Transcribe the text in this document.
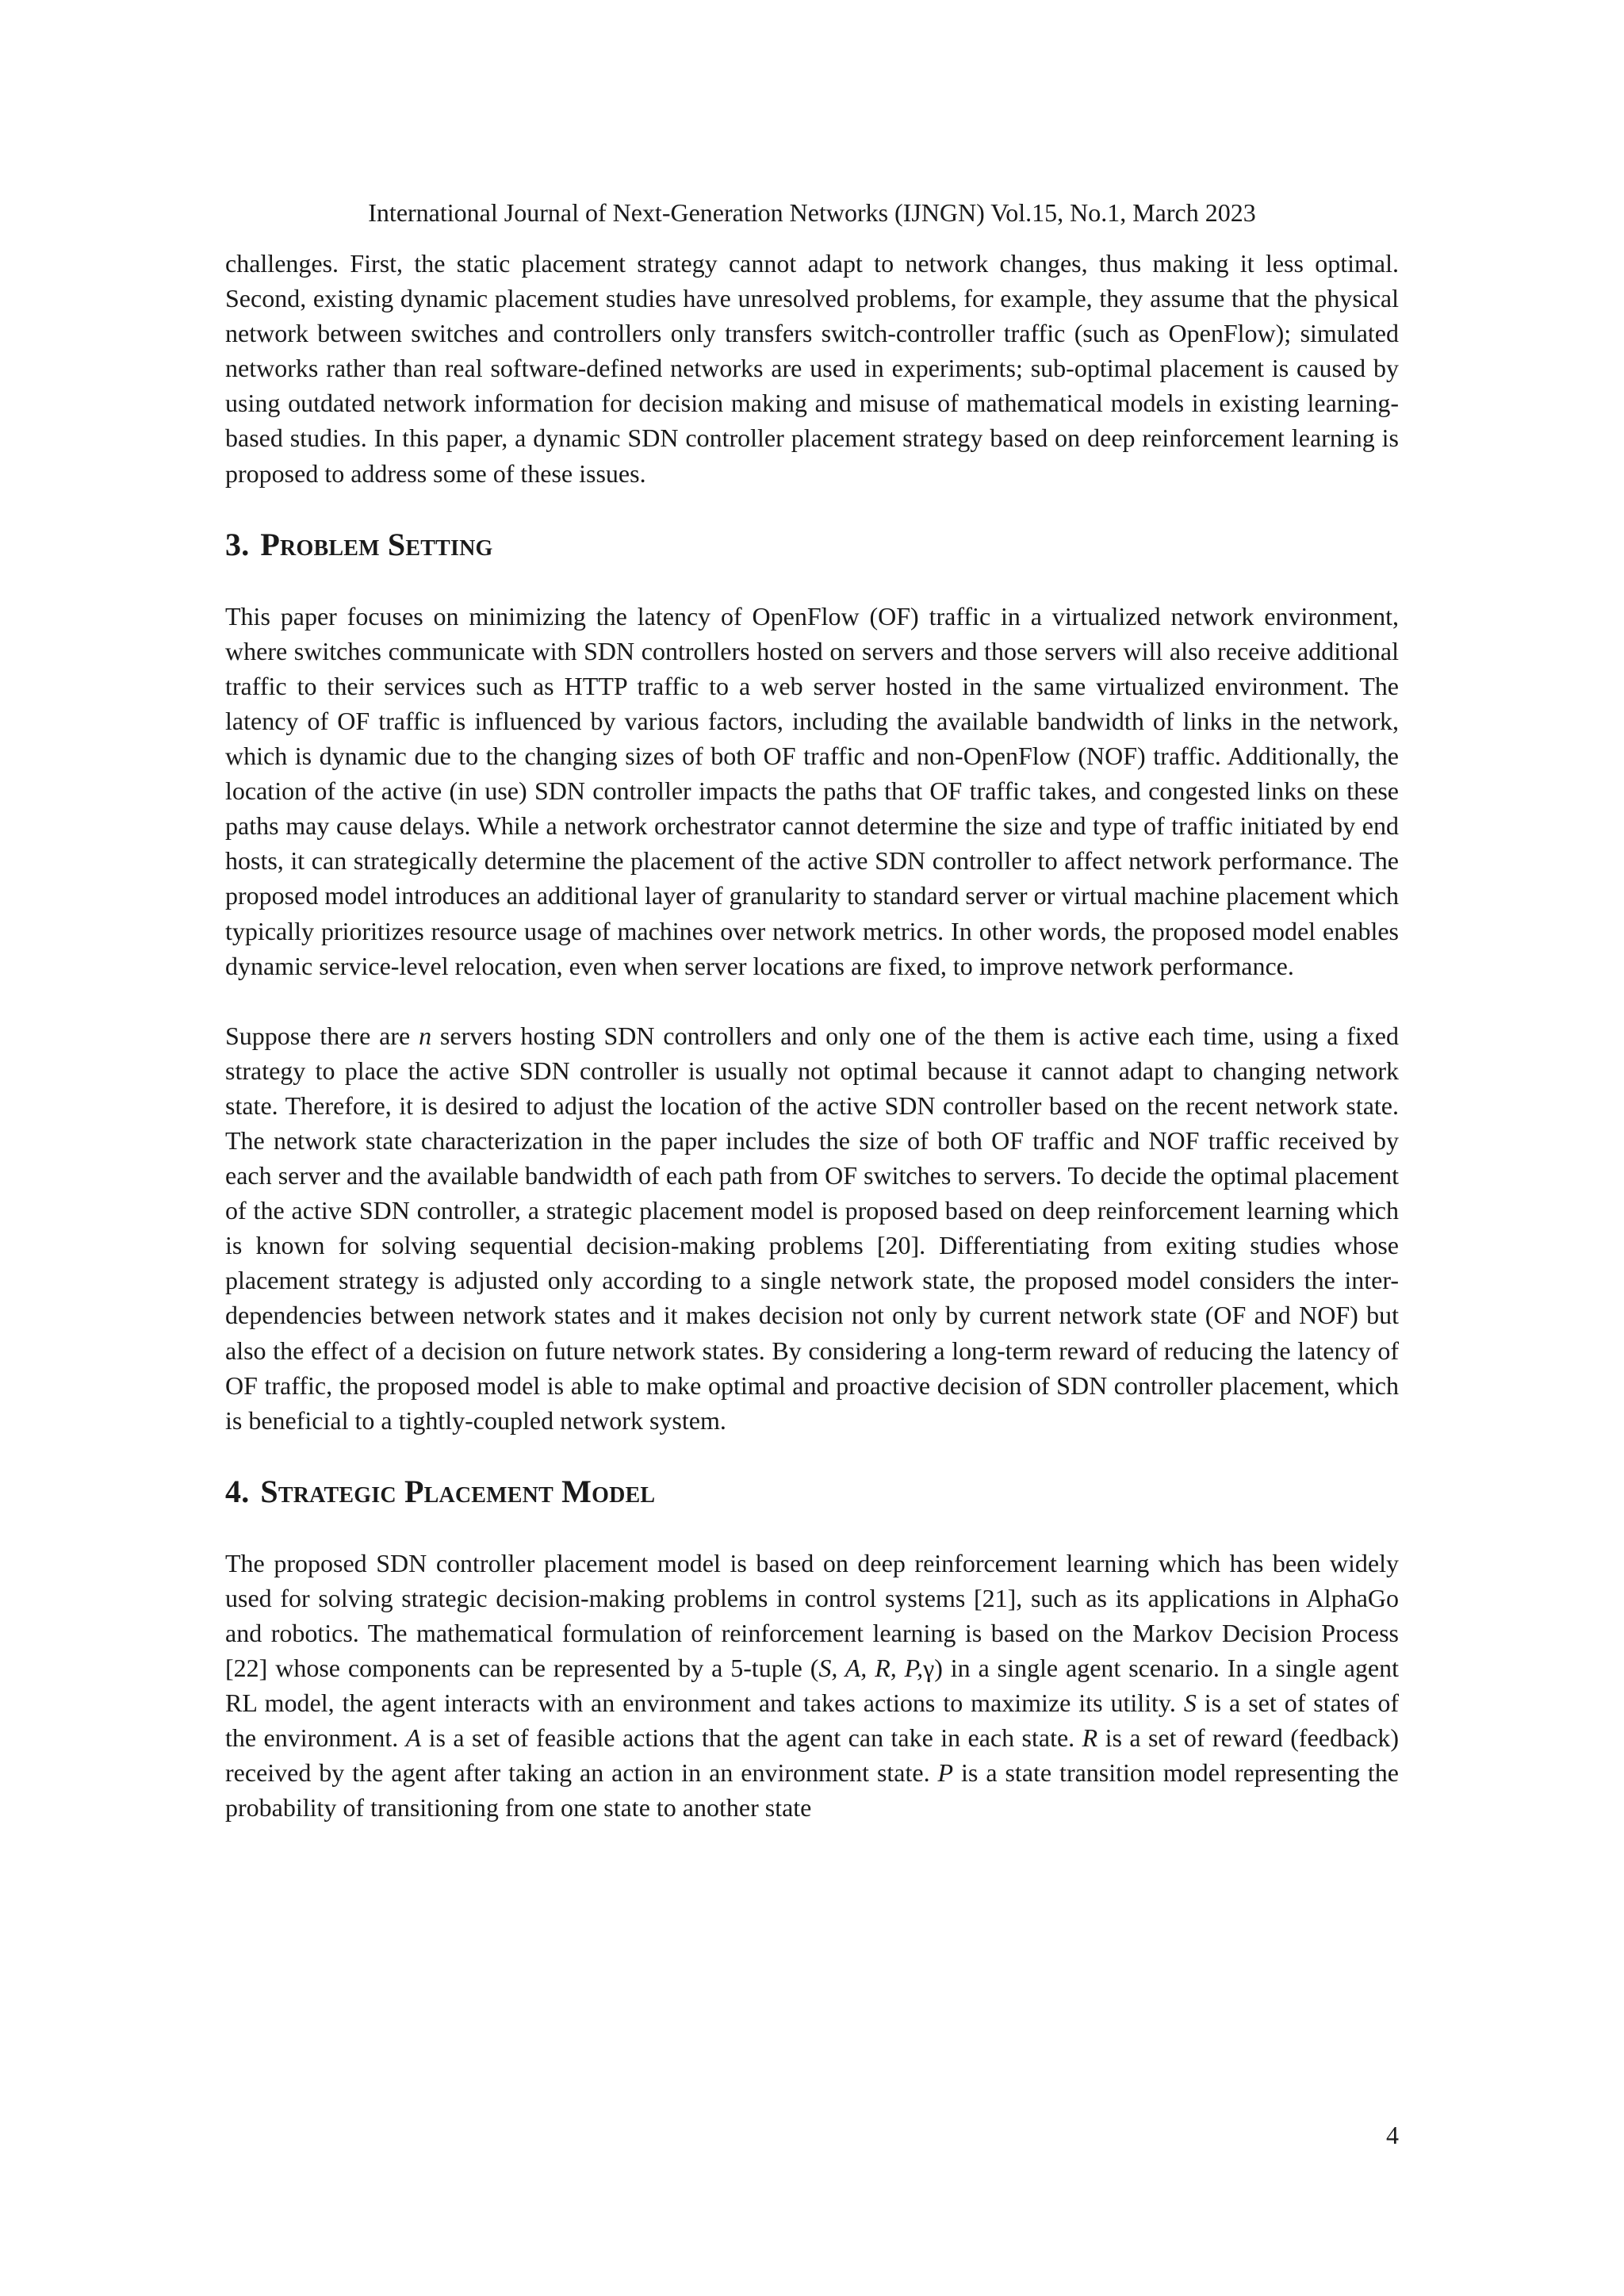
International Journal of Next-Generation Networks (IJNGN) Vol.15, No.1, March 2023

challenges. First, the static placement strategy cannot adapt to network changes, thus making it less optimal. Second, existing dynamic placement studies have unresolved problems, for example, they assume that the physical network between switches and controllers only transfers switch-controller traffic (such as OpenFlow); simulated networks rather than real software-defined networks are used in experiments; sub-optimal placement is caused by using outdated network information for decision making and misuse of mathematical models in existing learning-based studies. In this paper, a dynamic SDN controller placement strategy based on deep reinforcement learning is proposed to address some of these issues.

3. Problem Setting

This paper focuses on minimizing the latency of OpenFlow (OF) traffic in a virtualized network environment, where switches communicate with SDN controllers hosted on servers and those servers will also receive additional traffic to their services such as HTTP traffic to a web server hosted in the same virtualized environment. The latency of OF traffic is influenced by various factors, including the available bandwidth of links in the network, which is dynamic due to the changing sizes of both OF traffic and non-OpenFlow (NOF) traffic. Additionally, the location of the active (in use) SDN controller impacts the paths that OF traffic takes, and congested links on these paths may cause delays. While a network orchestrator cannot determine the size and type of traffic initiated by end hosts, it can strategically determine the placement of the active SDN controller to affect network performance. The proposed model introduces an additional layer of granularity to standard server or virtual machine placement which typically prioritizes resource usage of machines over network metrics. In other words, the proposed model enables dynamic service-level relocation, even when server locations are fixed, to improve network performance.

Suppose there are n servers hosting SDN controllers and only one of the them is active each time, using a fixed strategy to place the active SDN controller is usually not optimal because it cannot adapt to changing network state. Therefore, it is desired to adjust the location of the active SDN controller based on the recent network state. The network state characterization in the paper includes the size of both OF traffic and NOF traffic received by each server and the available bandwidth of each path from OF switches to servers. To decide the optimal placement of the active SDN controller, a strategic placement model is proposed based on deep reinforcement learning which is known for solving sequential decision-making problems [20]. Differentiating from exiting studies whose placement strategy is adjusted only according to a single network state, the proposed model considers the inter-dependencies between network states and it makes decision not only by current network state (OF and NOF) but also the effect of a decision on future network states. By considering a long-term reward of reducing the latency of OF traffic, the proposed model is able to make optimal and proactive decision of SDN controller placement, which is beneficial to a tightly-coupled network system.

4. Strategic Placement Model

The proposed SDN controller placement model is based on deep reinforcement learning which has been widely used for solving strategic decision-making problems in control systems [21], such as its applications in AlphaGo and robotics. The mathematical formulation of reinforcement learning is based on the Markov Decision Process [22] whose components can be represented by a 5-tuple (S, A, R, P,γ) in a single agent scenario. In a single agent RL model, the agent interacts with an environment and takes actions to maximize its utility. S is a set of states of the environment. A is a set of feasible actions that the agent can take in each state. R is a set of reward (feedback) received by the agent after taking an action in an environment state. P is a state transition model representing the probability of transitioning from one state to another state

4
